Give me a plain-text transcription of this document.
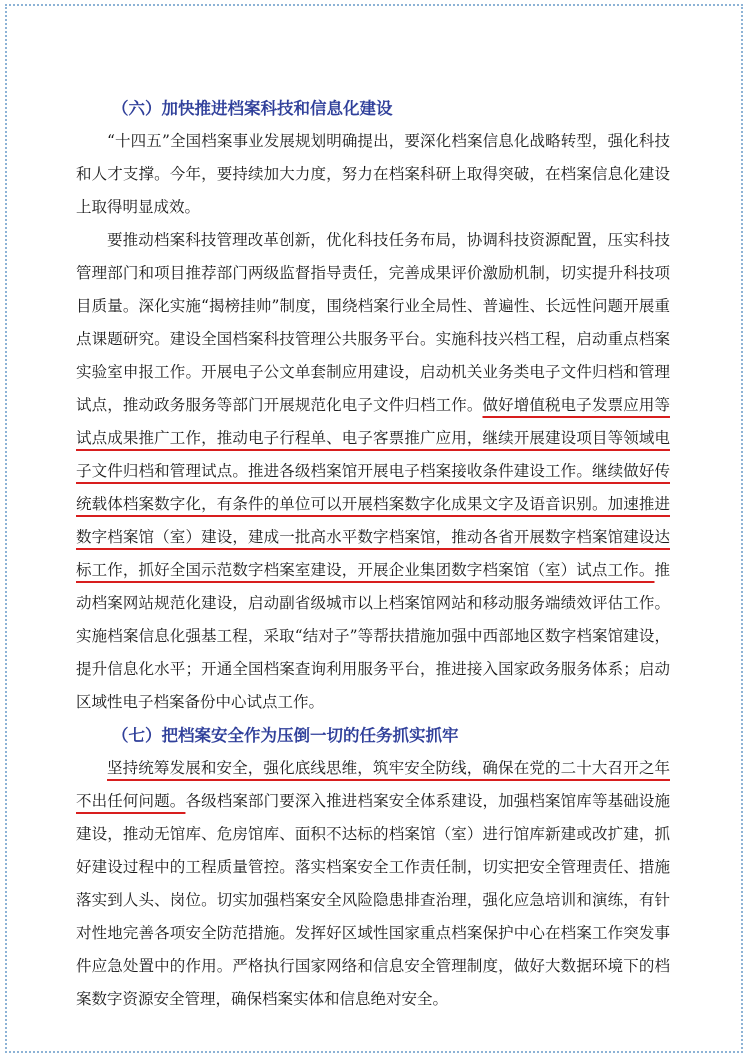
（六）加快推进档案科技和信息化建设

“十四五”全国档案事业发展规划明确提出，要深化档案信息化战略转型，强化科技和人才支撑。今年，要持续加大力度，努力在档案科研上取得突破，在档案信息化建设上取得明显成效。

要推动档案科技管理改革创新，优化科技任务布局，协调科技资源配置，压实科技管理部门和项目推荐部门两级监督指导责任，完善成果评价激励机制，切实提升科技项目质量。深化实施“揭榜挂帅”制度，围绕档案行业全局性、普遍性、长远性问题开展重点课题研究。建设全国档案科技管理公共服务平台。实施科技兴档工程，启动重点档案实验室申报工作。开展电子公文单套制应用建设，启动机关业务类电子文件归档和管理试点，推动政务服务等部门开展规范化电子文件归档工作。做好增值税电子发票应用等试点成果推广工作，推动电子行程单、电子客票推广应用，继续开展建设项目等领域电子文件归档和管理试点。推进各级档案馆开展电子档案接收条件建设工作。继续做好传统载体档案数字化，有条件的单位可以开展档案数字化成果文字及语音识别。加速推进数字档案馆（室）建设，建成一批高水平数字档案馆，推动各省开展数字档案馆建设达标工作，抓好全国示范数字档案室建设，开展企业集团数字档案馆（室）试点工作。推动档案网站规范化建设，启动副省级城市以上档案馆网站和移动服务端绩效评估工作。实施档案信息化强基工程，采取“结对子”等帮扶措施加强中西部地区数字档案馆建设，提升信息化水平；开通全国档案查询利用服务平台，推进接入国家政务服务体系；启动区域性电子档案备份中心试点工作。

（七）把档案安全作为压倒一切的任务抓实抓牢

坚持统筹发展和安全，强化底线思维，筑牢安全防线，确保在党的二十大召开之年不出任何问题。各级档案部门要深入推进档案安全体系建设，加强档案馆库等基础设施建设，推动无馆库、危房馆库、面积不达标的档案馆（室）进行馆库新建或改扩建，抓好建设过程中的工程质量管控。落实档案安全工作责任制，切实把安全管理责任、措施落实到人头、岗位。切实加强档案安全风险隐患排查治理，强化应急培训和演练，有针对性地完善各项安全防范措施。发挥好区域性国家重点档案保护中心在档案工作突发事件应急处置中的作用。严格执行国家网络和信息安全管理制度，做好大数据环境下的档案数字资源安全管理，确保档案实体和信息绝对安全。
